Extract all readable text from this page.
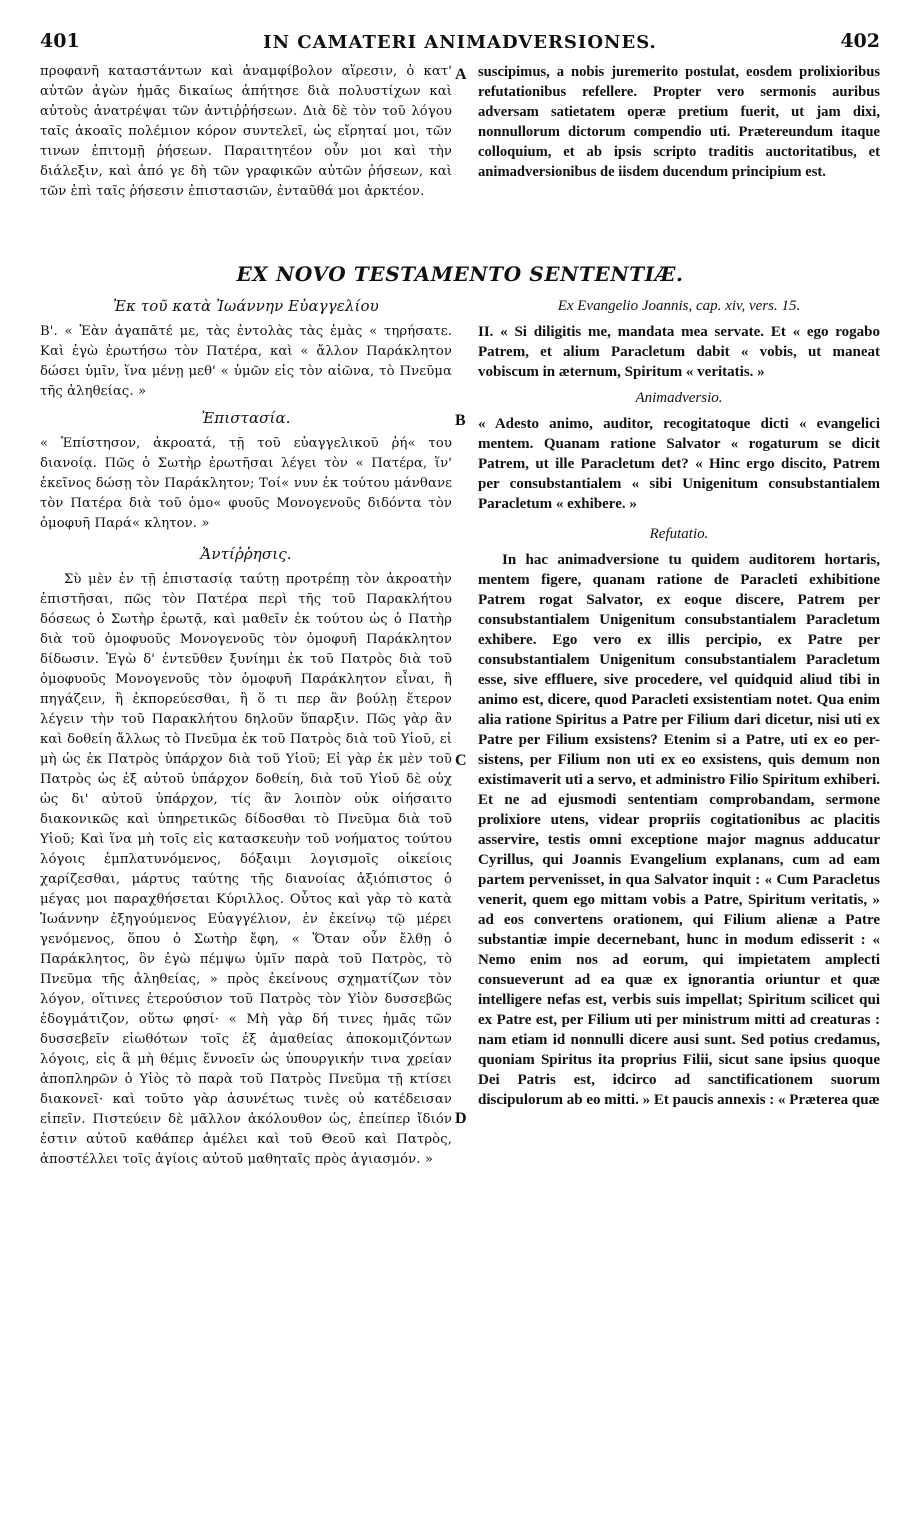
401	IN CAMATERI ANIMADVERSIONES.	402

προφανῆ καταστάντων καὶ ἀναμφίβολον αἵρεσιν, ὁ κατ' αὐτῶν ἀγὼν ἡμᾶς δικαίως ἀπήτησε διὰ πολυστίχων καὶ αὐτοὺς ἀνατρέψαι τῶν ἀντιῤῥήσεων. Διὰ δὲ τὸν τοῦ λόγου ταῖς ἀκοαῖς πολέμιον κόρον συντελεῖ, ὡς εἴρηταί μοι, τῶν τινων ἐπιτομῇ ῥήσεων. Παραιτητέον οὖν μοι καὶ τὴν διάλεξιν, καὶ ἀπό γε δὴ τῶν γραφικῶν αὐτῶν ῥήσεων, καὶ τῶν ἐπὶ ταῖς ῥήσεσιν ἐπιστασιῶν, ἐνταῦθά μοι ἀρκτέον.

suscipimus, a nobis juremerito postulat, eosdem prolixioribus refutationibus refellere. Propter vero sermonis auribus adversam satietatem operæ pretium fuerit, ut jam dixi, nonnullorum dictorum compendio uti. Prætereundum itaque colloquium, et ab ipsis scripto traditis auctoritatibus, et animadversionibus de iisdem ducendum principium est.

EX NOVO TESTAMENTO SENTENTIÆ.

Ἐκ τοῦ κατὰ Ἰωάννην Εὐαγγελίου

Β'. « Ἐὰν ἀγαπᾶτέ με, τὰς ἐντολὰς τὰς ἐμὰς « τηρήσατε. Καὶ ἐγὼ ἐρωτήσω τὸν Πατέρα, καὶ « ἄλλον Παράκλητον δώσει ὑμῖν, ἵνα μένῃ μεθ' « ὑμῶν εἰς τὸν αἰῶνα, τὸ Πνεῦμα τῆς ἀληθείας. »

Ἐπιστασία.

« Ἐπίστησον, ἀκροατά, τῇ τοῦ εὐαγγελικοῦ ῥή« του διανοίᾳ. Πῶς ὁ Σωτὴρ ἐρωτῆσαι λέγει τὸν « Πατέρα, ἵν' ἐκεῖνος δώσῃ τὸν Παράκλητον; Τοί« νυν ἐκ τούτου μάνθανε τὸν Πατέρα διὰ τοῦ ὁμο« φυοῦς Μονογενοῦς διδόντα τὸν ὁμοφυῆ Παρά« κλητον. »

Ἀντίῤῥησις.

Σὺ μὲν ἐν τῇ ἐπιστασίᾳ ταύτῃ προτρέπῃ τὸν ἀκροατὴν ἐπιστῆσαι, πῶς τὸν Πατέρα περὶ τῆς τοῦ Παρακλήτου δόσεως ὁ Σωτὴρ ἐρωτᾷ, καὶ μαθεῖν ἐκ τούτου ὡς ὁ Πατὴρ διὰ τοῦ ὁμοφυοῦς Μονογενοῦς τὸν ὁμοφυῆ Παράκλητον δίδωσιν. Ἐγὼ δ' ἐντεῦθεν ξυνίημι ἐκ τοῦ Πατρὸς διὰ τοῦ ὁμοφυοῦς Μονογενοῦς τὸν ὁμοφυῆ Παράκλητον εἶναι, ἢ πηγάζειν, ἢ ἐκπορεύεσθαι, ἢ ὅ τι περ ἂν βούλῃ ἕτερον λέγειν τὴν τοῦ Παρακλήτου δηλοῦν ὕπαρξιν. Πῶς γὰρ ἂν καὶ δοθείη ἄλλως τὸ Πνεῦμα ἐκ τοῦ Πατρὸς διὰ τοῦ Υἱοῦ, εἰ μὴ ὡς ἐκ Πατρὸς ὑπάρχον διὰ τοῦ Υἱοῦ; Εἰ γὰρ ἐκ μὲν τοῦ Πατρὸς ὡς ἐξ αὐτοῦ ὑπάρχον δοθείη, διὰ τοῦ Υἱοῦ δὲ οὐχ ὡς δι' αὐτοῦ ὑπάρχον, τίς ἂν λοιπὸν οὐκ οἰήσαιτο διακονικῶς καὶ ὑπηρετικῶς δίδοσθαι τὸ Πνεῦμα διὰ τοῦ Υἱοῦ; Καὶ ἵνα μὴ τοῖς εἰς κατασκευὴν τοῦ νοήματος τούτου λόγοις ἐμπλατυνόμενος, δόξαιμι λογισμοῖς οἰκείοις χαρίζεσθαι, μάρτυς ταύτης τῆς διανοίας ἀξιόπιστος ὁ μέγας μοι παραχθήσεται Κύριλλος. Οὗτος καὶ γὰρ τὸ κατὰ Ἰωάννην ἐξηγούμενος Εὐαγγέλιον, ἐν ἐκείνῳ τῷ μέρει γενόμενος, ὅπου ὁ Σωτὴρ ἔφη, « Ὅταν οὖν ἔλθῃ ὁ Παράκλητος, ὃν ἐγὼ πέμψω ὑμῖν παρὰ τοῦ Πατρὸς, τὸ Πνεῦμα τῆς ἀληθείας, » πρὸς ἐκείνους σχηματίζων τὸν λόγον, οἵτινες ἑτερούσιον τοῦ Πατρὸς τὸν Υἱὸν δυσσεβῶς ἐδογμάτιζον, οὕτω φησί· « Μὴ γὰρ δή τινες ἡμᾶς τῶν δυσσεβεῖν εἰωθότων τοῖς ἐξ ἀμαθείας ἀποκομιζόντων λόγοις, εἰς ἃ μὴ θέμις ἔννοεῖν ὡς ὑπουργικήν τινα χρείαν ἀποπληρῶν ὁ Υἱὸς τὸ παρὰ τοῦ Πατρὸς Πνεῦμα τῇ κτίσει διακονεῖ· καὶ τοῦτο γὰρ ἀσυνέτως τινὲς οὐ κατέδεισαν εἰπεῖν. Πιστεύειν δὲ μᾶλλον ἀκόλουθον ὡς, ἐπείπερ ἴδιόν ἐστιν αὐτοῦ καθάπερ ἀμέλει καὶ τοῦ Θεοῦ καὶ Πατρὸς, ἀποστέλλει τοῖς ἁγίοις αὐτοῦ μαθηταῖς πρὸς ἁγιασμόν. »

Ex Evangelio Joannis, cap. xiv, vers. 15.

II. « Si diligitis me, mandata mea servate. Et « ego rogabo Patrem, et alium Paracletum dabit « vobis, ut maneat vobiscum in æternum, Spiritum « veritatis. »

Animadversio.

« Adesto animo, auditor, recogitatoque dicti « evangelici mentem. Quanam ratione Salvator « rogaturum se dicit Patrem, ut ille Paracletum det? « Hinc ergo discito, Patrem per consubstantialem « sibi Unigenitum consubstantialem Paracletum « exhibere. »

Refutatio.

In hac animadversione tu quidem auditorem hortaris, mentem figere, quanam ratione de Paracleti exhibitione Patrem rogat Salvator, ex eoque discere, Patrem per consubstantialem Unigenitum consubstantialem Paracletum exhibere. Ego vero ex illis percipio, ex Patre per consubstantialem Unigenitum consubstantialem Paracletum esse, sive effluere, sive procedere, vel quidquid aliud tibi in animo est, dicere, quod Paracleti exsistentiam notet. Qua enim alia ratione Spiritus a Patre per Filium dari dicetur, nisi uti ex Patre per Filium exsistens? Etenim si a Patre, uti ex eo per-sistens, per Filium non uti ex eo exsistens, quis demum non existimaverit uti a servo, et administro Filio Spiritum exhiberi. Et ne ad ejusmodi sententiam comprobandam, sermone prolixiore utens, videar propriis cogitationibus ac placitis asservire, testis omni exceptione major magnus adducatur Cyrillus, qui Joannis Evangelium explanans, cum ad eam partem pervenisset, in qua Salvator inquit : « Cum Paracletus venerit, quem ego mittam vobis a Patre, Spiritum veritatis, » ad eos convertens orationem, qui Filium alienæ a Patre substantiæ impie decernebant, hunc in modum edisserit : « Nemo enim nos ad eorum, qui impietatem amplecti consueverunt ad ea quæ ex ignorantia oriuntur et quæ intelligere nefas est, verbis suis impellat; Spiritum scilicet qui ex Patre est, per Filium uti per ministrum mitti ad creaturas : nam etiam id nonnulli dicere ausi sunt. Sed potius credamus, quoniam Spiritus ita proprius Filii, sicut sane ipsius quoque Dei Patris est, idcirco ad sanctificationem suorum discipulorum ab eo mitti. » Et paucis annexis : « Præterea quæ

A
B
C
D
